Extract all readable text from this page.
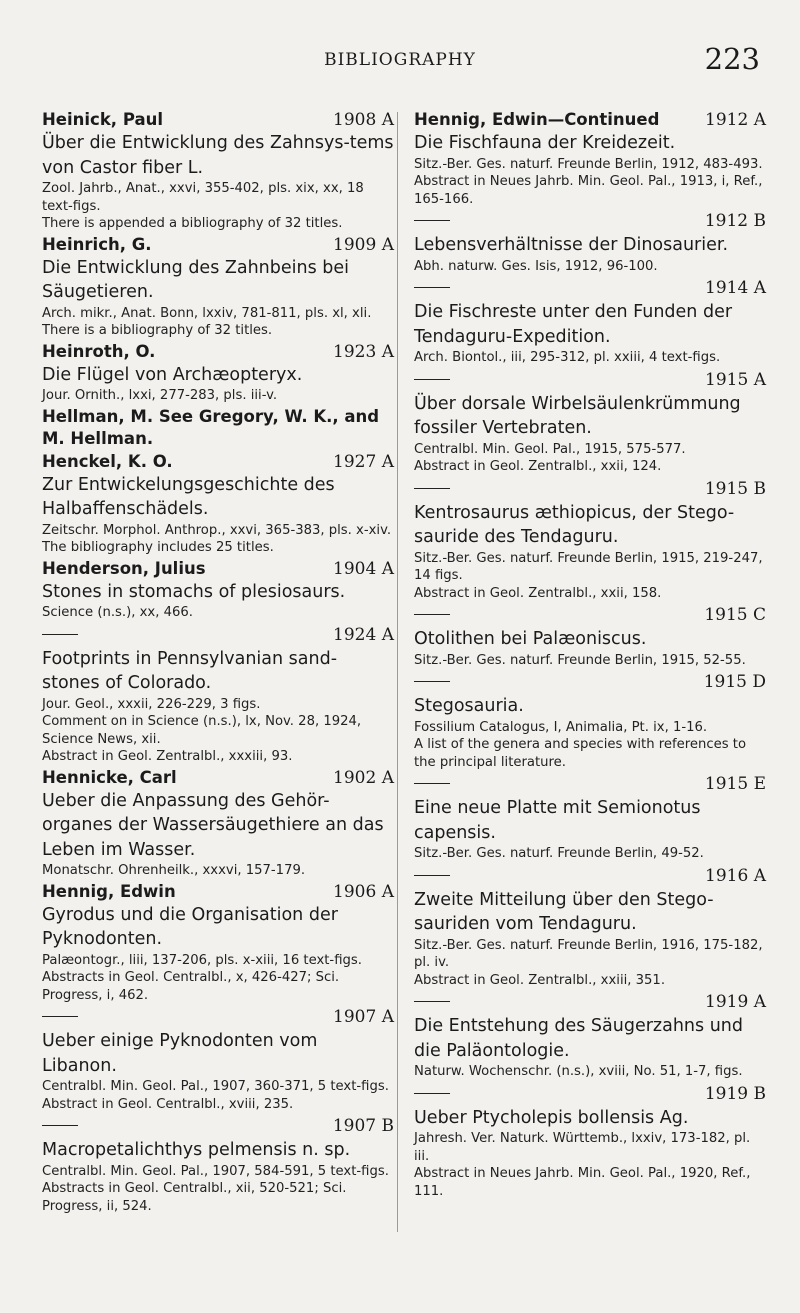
BIBLIOGRAPHY	223
Heinick, Paul	1908 A

Über die Entwicklung des Zahnsys-tems von Castor fiber L.

Zool. Jahrb., Anat., xxvi, 355-402, pls. xix, xx, 18 text-figs.

There is appended a bibliography of 32 titles.

Heinrich, G.	1909 A

Die Entwicklung des Zahnbeins bei Säugetieren.

Arch. mikr., Anat. Bonn, lxxiv, 781-811, pls. xl, xli.

There is a bibliography of 32 titles.

Heinroth, O.	1923 A

Die Flügel von Archæopteryx.

Jour. Ornith., lxxi, 277-283, pls. iii-v.

Hellman, M. See Gregory, W. K., and M. Hellman.
Henckel, K. O.	1927 A

Zur Entwickelungsgeschichte des Halbaffenschädels.

Zeitschr. Morphol. Anthrop., xxvi, 365-383, pls. x-xiv.

The bibliography includes 25 titles.

Henderson, Julius	1904 A

Stones in stomachs of plesiosaurs.

Science (n.s.), xx, 466.

1924 A

Footprints in Pennsylvanian sand-stones of Colorado.

Jour. Geol., xxxii, 226-229, 3 figs.

Comment on in Science (n.s.), lx, Nov. 28, 1924, Science News, xii.

Abstract in Geol. Zentralbl., xxxiii, 93.

Hennicke, Carl	1902 A

Ueber die Anpassung des Gehör-organes der Wassersäugethiere an das Leben im Wasser.

Monatschr. Ohrenheilk., xxxvi, 157-179.

Hennig, Edwin	1906 A

Gyrodus und die Organisation der Pyknodonten.

Palæontogr., liii, 137-206, pls. x-xiii, 16 text-figs.

Abstracts in Geol. Centralbl., x, 426-427; Sci. Progress, i, 462.

1907 A

Ueber einige Pyknodonten vom Libanon.

Centralbl. Min. Geol. Pal., 1907, 360-371, 5 text-figs.

Abstract in Geol. Centralbl., xviii, 235.

1907 B

Macropetalichthys pelmensis n. sp.

Centralbl. Min. Geol. Pal., 1907, 584-591, 5 text-figs.

Abstracts in Geol. Centralbl., xii, 520-521; Sci. Progress, ii, 524.

Hennig, Edwin—Continued	1912 A

Die Fischfauna der Kreidezeit.

Sitz.-Ber. Ges. naturf. Freunde Berlin, 1912, 483-493.

Abstract in Neues Jahrb. Min. Geol. Pal., 1913, i, Ref., 165-166.

1912 B

Lebensverhältnisse der Dinosaurier.

Abh. naturw. Ges. Isis, 1912, 96-100.

1914 A

Die Fischreste unter den Funden der Tendaguru-Expedition.

Arch. Biontol., iii, 295-312, pl. xxiii, 4 text-figs.

1915 A

Über dorsale Wirbelsäulenkrümmung fossiler Vertebraten.

Centralbl. Min. Geol. Pal., 1915, 575-577.

Abstract in Geol. Zentralbl., xxii, 124.

1915 B

Kentrosaurus æthiopicus, der Stego-sauride des Tendaguru.

Sitz.-Ber. Ges. naturf. Freunde Berlin, 1915, 219-247, 14 figs.

Abstract in Geol. Zentralbl., xxii, 158.

1915 C

Otolithen bei Palæoniscus.

Sitz.-Ber. Ges. naturf. Freunde Berlin, 1915, 52-55.

1915 D

Stegosauria.

Fossilium Catalogus, I, Animalia, Pt. ix, 1-16.

A list of the genera and species with references to the principal literature.

1915 E

Eine neue Platte mit Semionotus capensis.

Sitz.-Ber. Ges. naturf. Freunde Berlin, 49-52.

1916 A

Zweite Mitteilung über den Stego-sauriden vom Tendaguru.

Sitz.-Ber. Ges. naturf. Freunde Berlin, 1916, 175-182, pl. iv.

Abstract in Geol. Zentralbl., xxiii, 351.

1919 A

Die Entstehung des Säugerzahns und die Paläontologie.

Naturw. Wochenschr. (n.s.), xviii, No. 51, 1-7, figs.

1919 B

Ueber Ptycholepis bollensis Ag.

Jahresh. Ver. Naturk. Württemb., lxxiv, 173-182, pl. iii.

Abstract in Neues Jahrb. Min. Geol. Pal., 1920, Ref., 111.
